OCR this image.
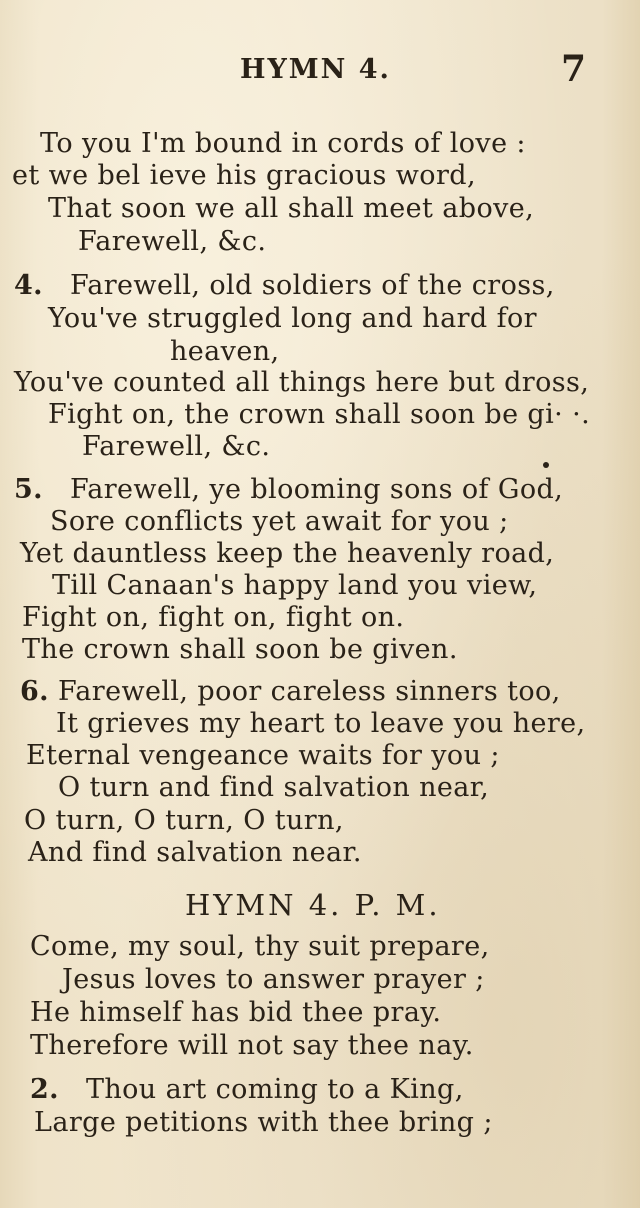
HYMN 4.	7
To you I'm bound in cords of love :
et we bel ieve his gracious word,
That soon we all shall meet above,
Farewell, &c.
4. Farewell, old soldiers of the cross,
You've struggled long and hard for
heaven,
You've counted all things here but dross,
Fight on, the crown shall soon be gi· ·.
Farewell, &c.
5. Farewell, ye blooming sons of God,
Sore conflicts yet await for you ;
Yet dauntless keep the heavenly road,
Till Canaan's happy land you view,
Fight on, fight on, fight on.
The crown shall soon be given.
6. Farewell, poor careless sinners too,
It grieves my heart to leave you here,
Eternal vengeance waits for you ;
O turn and find salvation near,
O turn, O turn, O turn,
And find salvation near.
HYMN 4. P. M.
Come, my soul, thy suit prepare,
Jesus loves to answer prayer ;
He himself has bid thee pray.
Therefore will not say thee nay.
2. Thou art coming to a King,
Large petitions with thee bring ;
